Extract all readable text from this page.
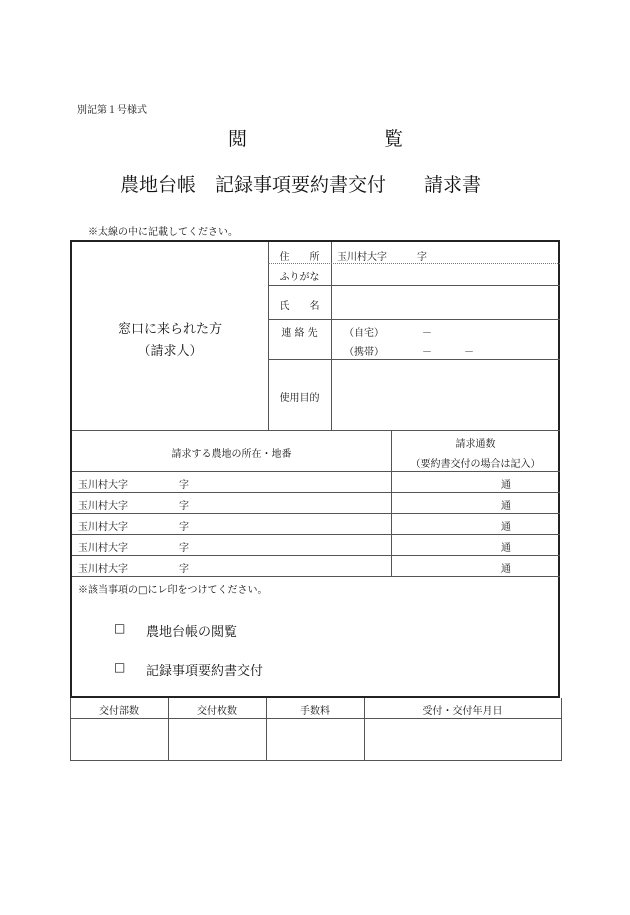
別記第１号様式
閲	覧
農地台帳　記録事項要約書交付　　請求書
※太線の中に記載してください。
窓口に来られた方
（請求人）
住　　所	玉川村大字　　　字
ふりがな
氏　　名
連 絡 先	（自宅）	－
（携帯）	－	－
使用目的
請求する農地の所在・地番
請求通数
（要約書交付の場合は記入）
玉川村大字	字	通
玉川村大字	字	通
玉川村大字	字	通
玉川村大字	字	通
玉川村大字	字	通
※該当事項の□にレ印をつけてください。
□ 農地台帳の閲覧
□ 記録事項要約書交付
交付部数	交付枚数	手数料	受付・交付年月日
